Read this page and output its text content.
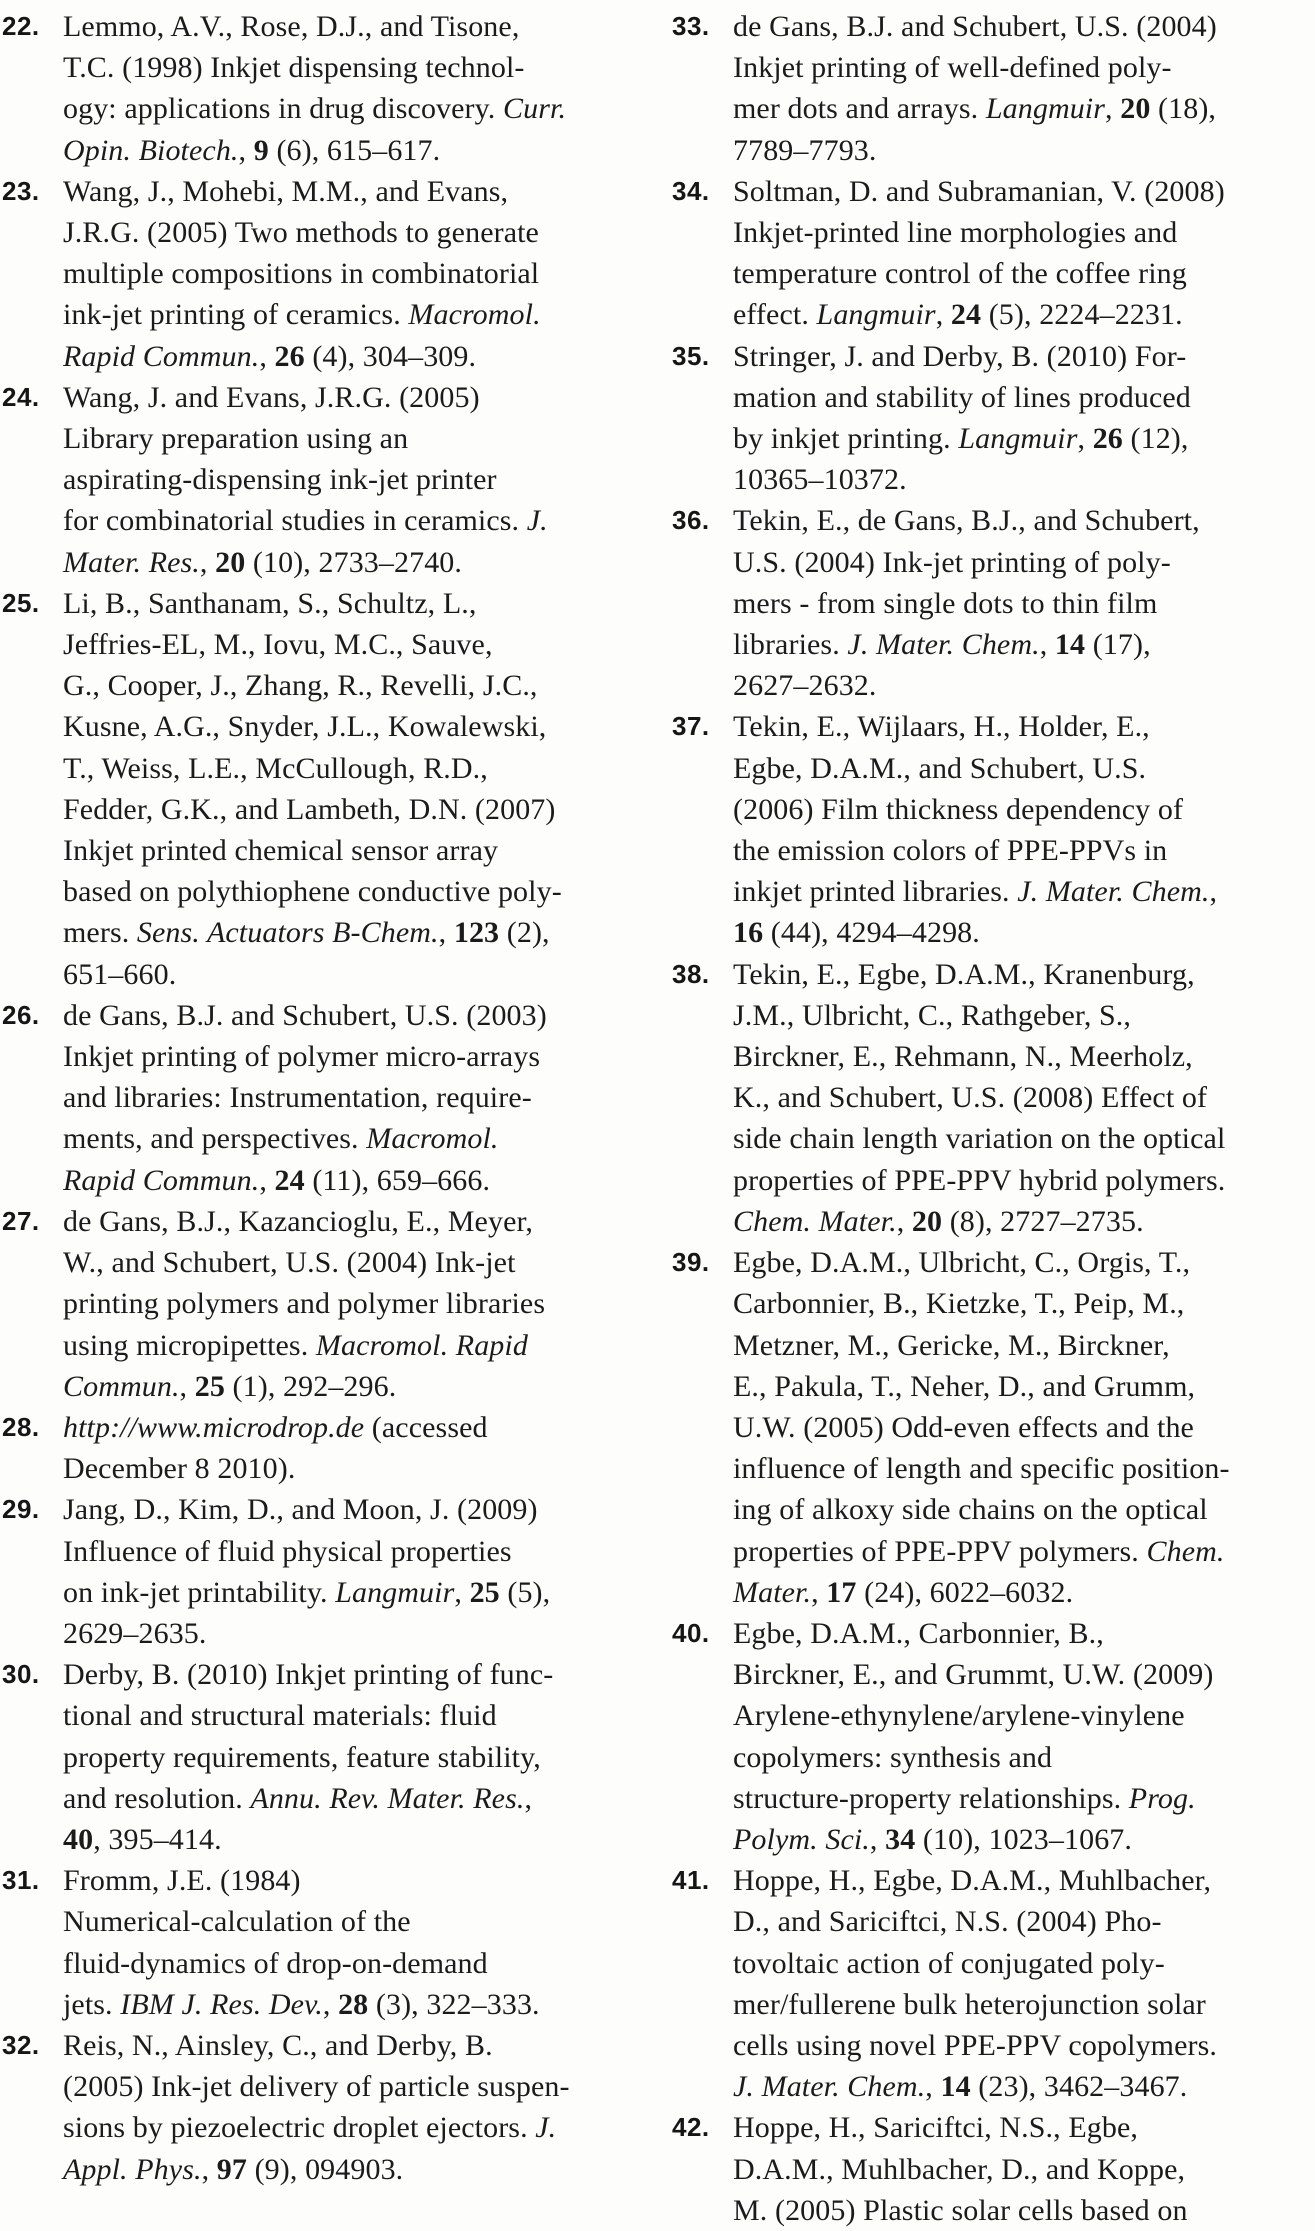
22. Lemmo, A.V., Rose, D.J., and Tisone,
T.C. (1998) Inkjet dispensing technol-
ogy: applications in drug discovery. Curr.
Opin. Biotech., 9 (6), 615–617.
23. Wang, J., Mohebi, M.M., and Evans,
J.R.G. (2005) Two methods to generate
multiple compositions in combinatorial
ink-jet printing of ceramics. Macromol.
Rapid Commun., 26 (4), 304–309.
24. Wang, J. and Evans, J.R.G. (2005)
Library preparation using an
aspirating-dispensing ink-jet printer
for combinatorial studies in ceramics. J.
Mater. Res., 20 (10), 2733–2740.
25. Li, B., Santhanam, S., Schultz, L.,
Jeffries-EL, M., Iovu, M.C., Sauve,
G., Cooper, J., Zhang, R., Revelli, J.C.,
Kusne, A.G., Snyder, J.L., Kowalewski,
T., Weiss, L.E., McCullough, R.D.,
Fedder, G.K., and Lambeth, D.N. (2007)
Inkjet printed chemical sensor array
based on polythiophene conductive poly-
mers. Sens. Actuators B-Chem., 123 (2),
651–660.
26. de Gans, B.J. and Schubert, U.S. (2003)
Inkjet printing of polymer micro-arrays
and libraries: Instrumentation, require-
ments, and perspectives. Macromol.
Rapid Commun., 24 (11), 659–666.
27. de Gans, B.J., Kazancioglu, E., Meyer,
W., and Schubert, U.S. (2004) Ink-jet
printing polymers and polymer libraries
using micropipettes. Macromol. Rapid
Commun., 25 (1), 292–296.
28. http://www.microdrop.de (accessed
December 8 2010).
29. Jang, D., Kim, D., and Moon, J. (2009)
Influence of fluid physical properties
on ink-jet printability. Langmuir, 25 (5),
2629–2635.
30. Derby, B. (2010) Inkjet printing of func-
tional and structural materials: fluid
property requirements, feature stability,
and resolution. Annu. Rev. Mater. Res.,
40, 395–414.
31. Fromm, J.E. (1984)
Numerical-calculation of the
fluid-dynamics of drop-on-demand
jets. IBM J. Res. Dev., 28 (3), 322–333.
32. Reis, N., Ainsley, C., and Derby, B.
(2005) Ink-jet delivery of particle suspen-
sions by piezoelectric droplet ejectors. J.
Appl. Phys., 97 (9), 094903.
33. de Gans, B.J. and Schubert, U.S. (2004)
Inkjet printing of well-defined poly-
mer dots and arrays. Langmuir, 20 (18),
7789–7793.
34. Soltman, D. and Subramanian, V. (2008)
Inkjet-printed line morphologies and
temperature control of the coffee ring
effect. Langmuir, 24 (5), 2224–2231.
35. Stringer, J. and Derby, B. (2010) For-
mation and stability of lines produced
by inkjet printing. Langmuir, 26 (12),
10365–10372.
36. Tekin, E., de Gans, B.J., and Schubert,
U.S. (2004) Ink-jet printing of poly-
mers - from single dots to thin film
libraries. J. Mater. Chem., 14 (17),
2627–2632.
37. Tekin, E., Wijlaars, H., Holder, E.,
Egbe, D.A.M., and Schubert, U.S.
(2006) Film thickness dependency of
the emission colors of PPE-PPVs in
inkjet printed libraries. J. Mater. Chem.,
16 (44), 4294–4298.
38. Tekin, E., Egbe, D.A.M., Kranenburg,
J.M., Ulbricht, C., Rathgeber, S.,
Birckner, E., Rehmann, N., Meerholz,
K., and Schubert, U.S. (2008) Effect of
side chain length variation on the optical
properties of PPE-PPV hybrid polymers.
Chem. Mater., 20 (8), 2727–2735.
39. Egbe, D.A.M., Ulbricht, C., Orgis, T.,
Carbonnier, B., Kietzke, T., Peip, M.,
Metzner, M., Gericke, M., Birckner,
E., Pakula, T., Neher, D., and Grumm,
U.W. (2005) Odd-even effects and the
influence of length and specific position-
ing of alkoxy side chains on the optical
properties of PPE-PPV polymers. Chem.
Mater., 17 (24), 6022–6032.
40. Egbe, D.A.M., Carbonnier, B.,
Birckner, E., and Grummt, U.W. (2009)
Arylene-ethynylene/arylene-vinylene
copolymers: synthesis and
structure-property relationships. Prog.
Polym. Sci., 34 (10), 1023–1067.
41. Hoppe, H., Egbe, D.A.M., Muhlbacher,
D., and Sariciftci, N.S. (2004) Pho-
tovoltaic action of conjugated poly-
mer/fullerene bulk heterojunction solar
cells using novel PPE-PPV copolymers.
J. Mater. Chem., 14 (23), 3462–3467.
42. Hoppe, H., Sariciftci, N.S., Egbe,
D.A.M., Muhlbacher, D., and Koppe,
M. (2005) Plastic solar cells based on
